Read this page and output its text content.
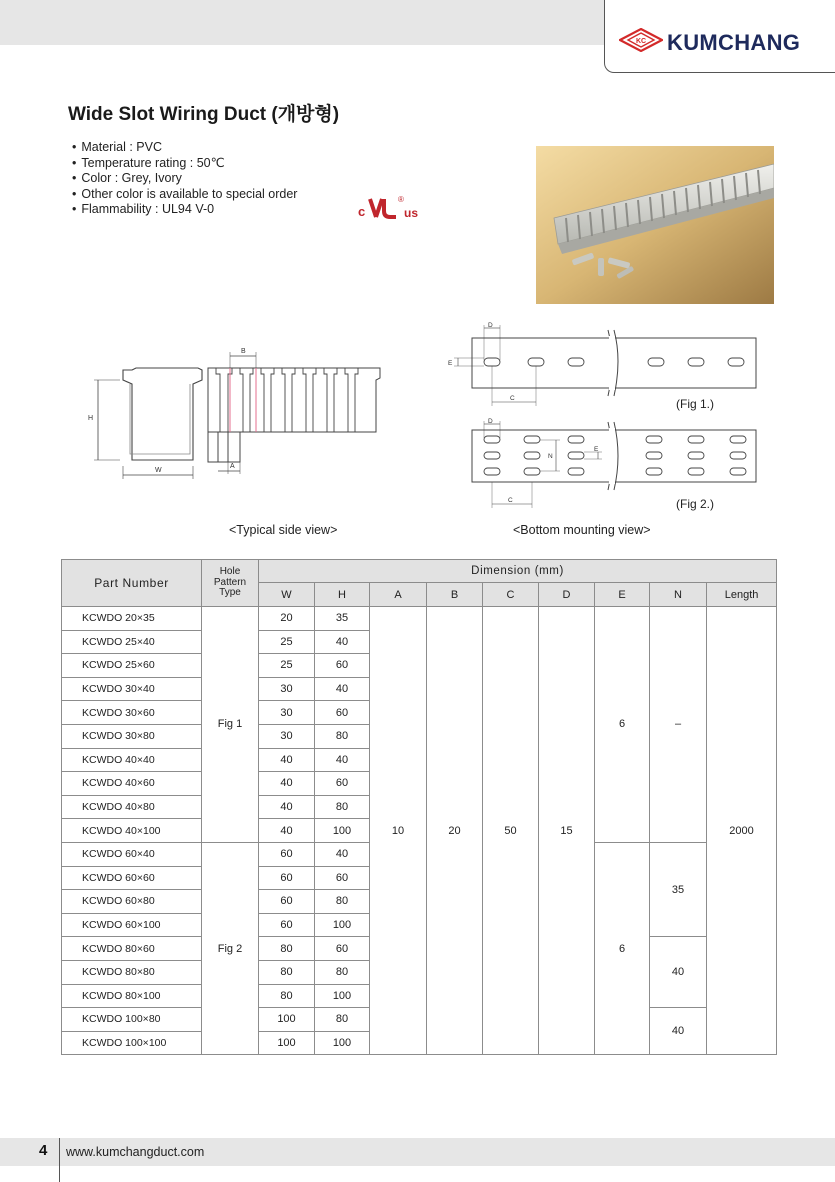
KC KUMCHANG
Wide Slot Wiring Duct (개방형)
• Material : PVC
• Temperature rating : 50℃
• Color : Grey, Ivory
• Other color is available to special order
• Flammability : UL94 V-0	c	us
®
H
W
B
A
<Typical side view>
D
E
C	(Fig 1.)
D
N
E
C	(Fig 2.)
<Bottom mounting view>
Part Number	Hole
Pattern
Type	Dimension (mm)								
		W	H	A	B	C	D	E	N	Length
KCWDO 20×35	Fig 1	20	35	10	20	50	15	6	–	2000
KCWDO 25×40		25	40							
KCWDO 25×60		25	60							
KCWDO 30×40		30	40							
KCWDO 30×60		30	60							
KCWDO 30×80		30	80							
KCWDO 40×40		40	40							
KCWDO 40×60		40	60							
KCWDO 40×80		40	80							
KCWDO 40×100		40	100							
KCWDO 60×40	Fig 2	60	40					6	35	
KCWDO 60×60		60	60							
KCWDO 60×80		60	80							
KCWDO 60×100		60	100							
KCWDO 80×60		80	60						40	
KCWDO 80×80		80	80							
KCWDO 80×100		80	100							
KCWDO 100×80		100	80						40	
KCWDO 100×100		100	100							
4 www.kumchangduct.com
